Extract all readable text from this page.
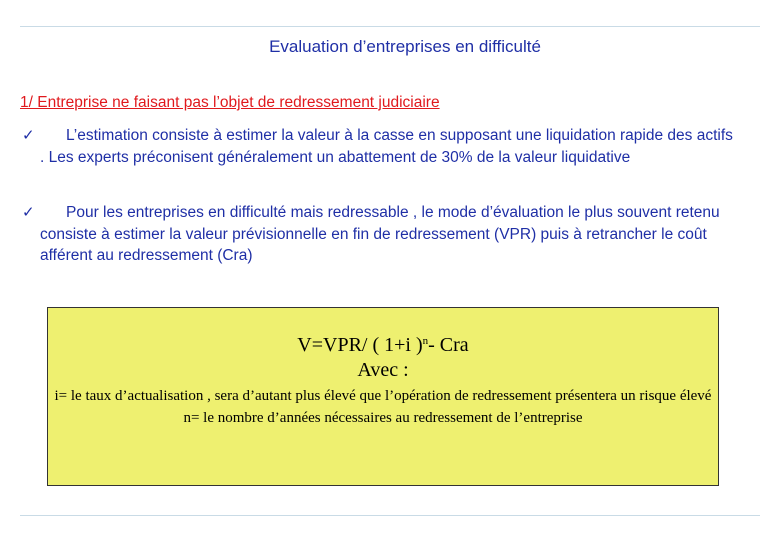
Evaluation d’entreprises en difficulté
1/ Entreprise ne faisant pas l’objet de redressement judiciaire
✓ L’estimation consiste à estimer la valeur à la casse en supposant une liquidation rapide des actifs . Les experts préconisent généralement un abattement de 30% de la valeur liquidative
✓ Pour les entreprises en difficulté mais redressable , le mode d’évaluation le plus souvent retenu consiste à estimer la valeur prévisionnelle en fin de redressement (VPR) puis à retrancher le coût afférent au redressement (Cra)
V=VPR/ ( 1+i )$^n$- Cra
Avec :
i= le taux d’actualisation , sera d’autant plus élevé que l’opération de redressement présentera un risque élevé
n= le nombre d’années nécessaires au redressement de l’entreprise
